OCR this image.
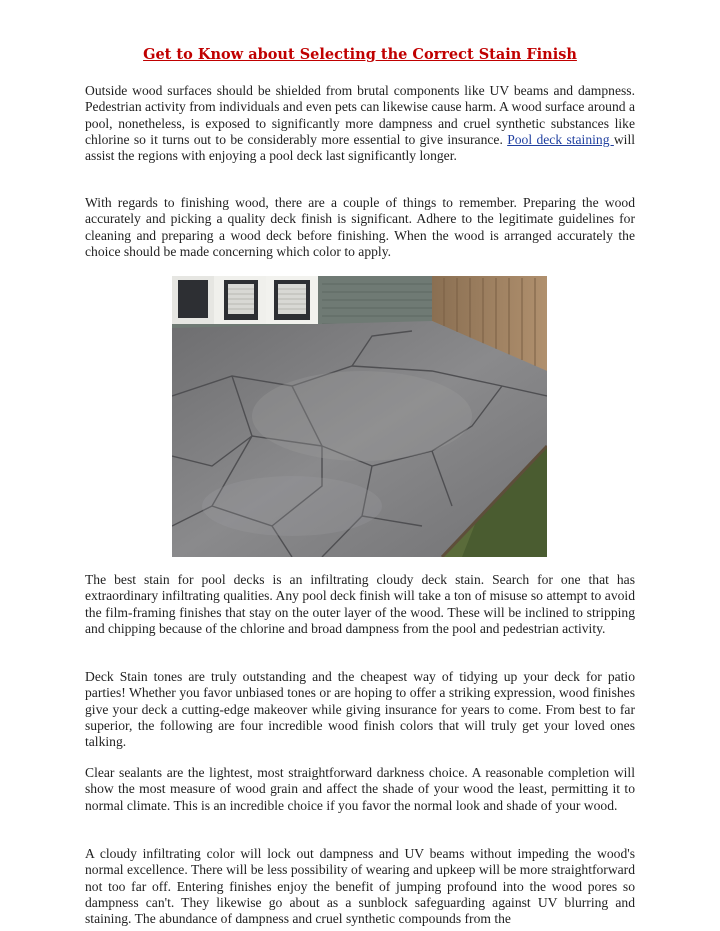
Get to Know about Selecting the Correct Stain Finish

Outside wood surfaces should be shielded from brutal components like UV beams and dampness. Pedestrian activity from individuals and even pets can likewise cause harm. A wood surface around a pool, nonetheless, is exposed to significantly more dampness and cruel synthetic substances like chlorine so it turns out to be considerably more essential to give insurance. Pool deck staining will assist the regions with enjoying a pool deck last significantly longer.

With regards to finishing wood, there are a couple of things to remember. Preparing the wood accurately and picking a quality deck finish is significant. Adhere to the legitimate guidelines for cleaning and preparing a wood deck before finishing. When the wood is arranged accurately the choice should be made concerning which color to apply.

The best stain for pool decks is an infiltrating cloudy deck stain. Search for one that has extraordinary infiltrating qualities. Any pool deck finish will take a ton of misuse so attempt to avoid the film-framing finishes that stay on the outer layer of the wood. These will be inclined to stripping and chipping because of the chlorine and broad dampness from the pool and pedestrian activity.

Deck Stain tones are truly outstanding and the cheapest way of tidying up your deck for patio parties! Whether you favor unbiased tones or are hoping to offer a striking expression, wood finishes give your deck a cutting-edge makeover while giving insurance for years to come. From best to far superior, the following are four incredible wood finish colors that will truly get your loved ones talking.

Clear sealants are the lightest, most straightforward darkness choice. A reasonable completion will show the most measure of wood grain and affect the shade of your wood the least, permitting it to normal climate. This is an incredible choice if you favor the normal look and shade of your wood.

A cloudy infiltrating color will lock out dampness and UV beams without impeding the wood's normal excellence. There will be less possibility of wearing and upkeep will be more straightforward not too far off. Entering finishes enjoy the benefit of jumping profound into the wood pores so dampness can't. They likewise go about as a sunblock safeguarding against UV blurring and staining. The abundance of dampness and cruel synthetic compounds from the
